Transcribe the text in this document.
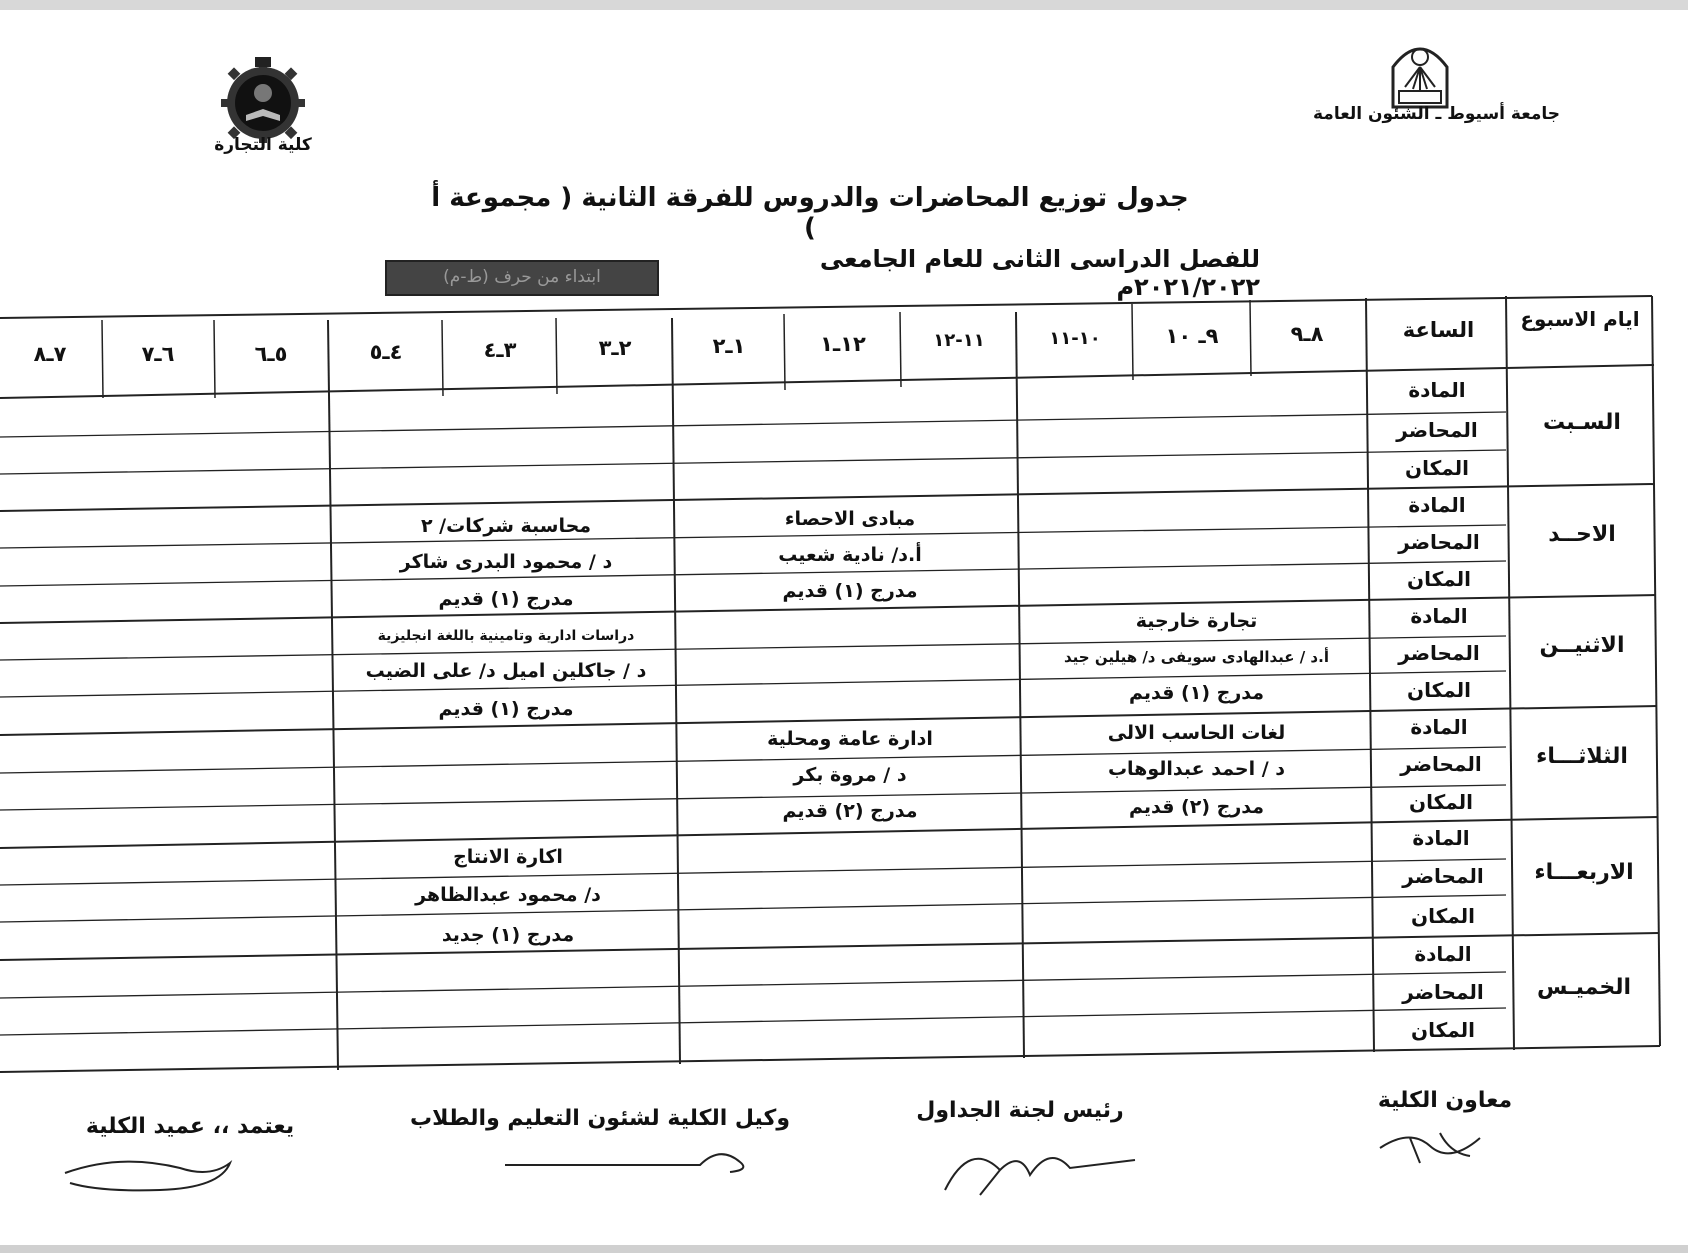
كلية التجارة
جامعة أسيوط ـ الشئون العامة
جدول توزيع المحاضرات والدروس للفرقة الثانية ( مجموعة أ )
للفصل الدراسى الثانى للعام الجامعى ٢٠٢١/٢٠٢٢م
ابتداء من حرف (ط-م)
ايام الاسبوع
الساعة
٨ـ٩
٩ـ ١٠
١٠-١١
١١-١٢
١٢ـ١
١ـ٢
٢ـ٣
٣ـ٤
٤ـ٥
٥ـ٦
٦ـ٧
٧ـ٨
السـبت
الاحــد
الاثنيــن
الثلاثـــاء
الاربعـــاء
الخميـس
المادة
المحاضر
المكان
المادة
المحاضر
المكان
المادة
المحاضر
المكان
المادة
المحاضر
المكان
المادة
المحاضر
المكان
المادة
المحاضر
المكان
مبادى الاحصاء
أ.د/ نادية شعيب
مدرج (١) قديم
محاسبة شركات/ ٢
د / محمود البدرى شاكر
مدرج (١) قديم
تجارة خارجية
أ.د / عبدالهادى سويفى د/ هيلين جيد
مدرج (١) قديم
دراسات ادارية وتامينية باللغة انجليزية
د / جاكلين اميل د/ على الضيب
مدرج (١) قديم
لغات الحاسب الالى
د / احمد عبدالوهاب
مدرج (٢) قديم
ادارة عامة ومحلية
د / مروة بكر
مدرج (٢) قديم
اكارة الانتاج
د/ محمود عبدالظاهر
مدرج (١) جديد
معاون الكلية
رئيس لجنة الجداول
وكيل الكلية لشئون التعليم والطلاب
يعتمد ،، عميد الكلية
